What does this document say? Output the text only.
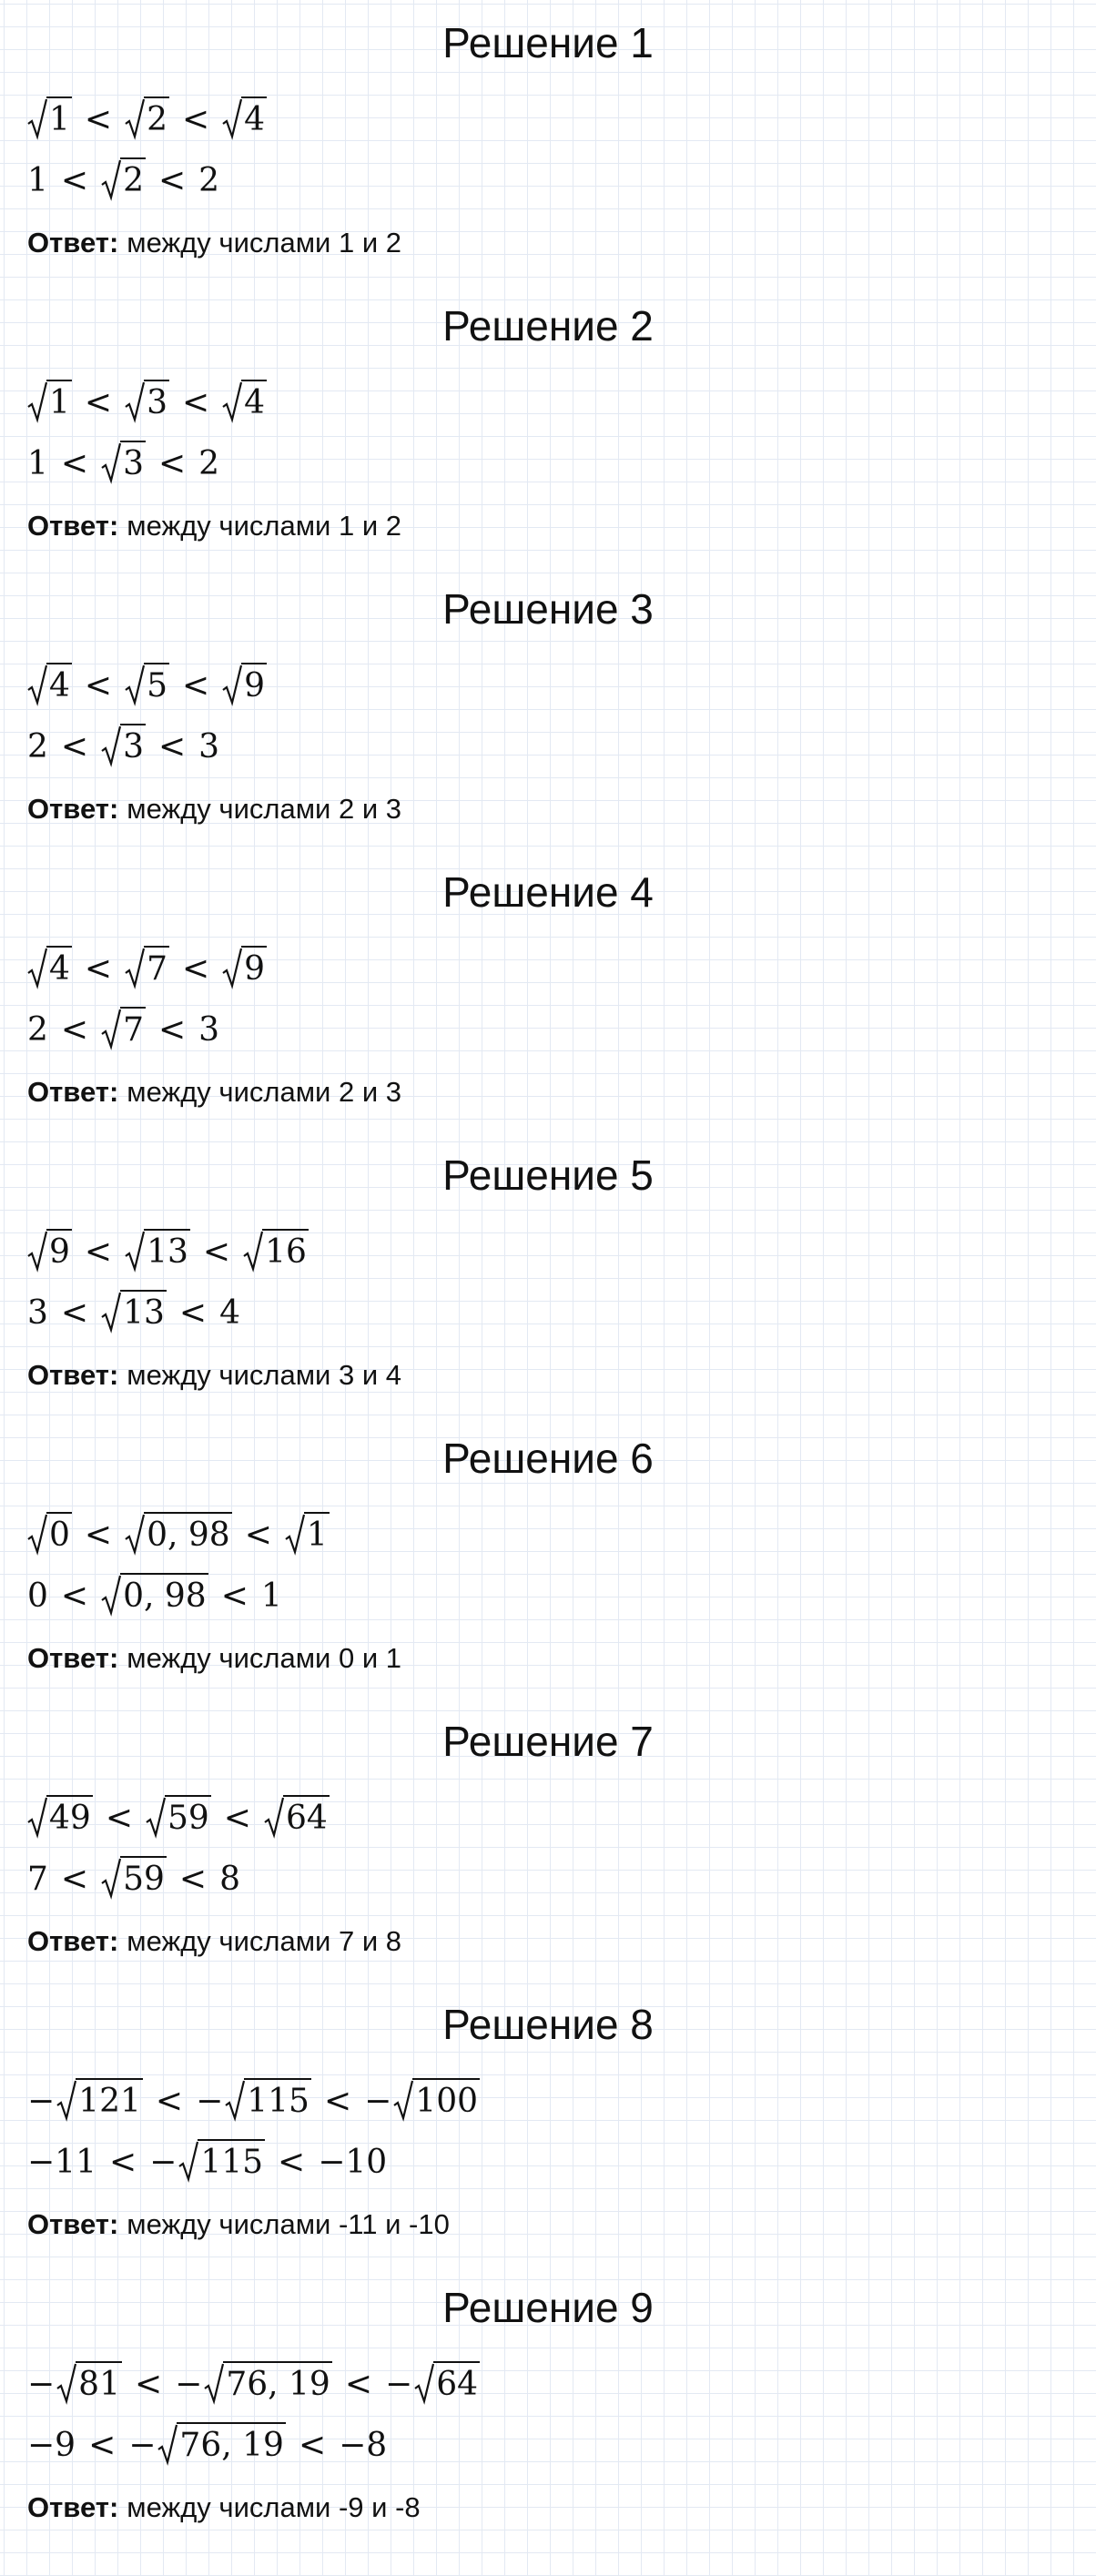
Решение 1
1 < 2 < 4
1 < 2 < 2
Ответ: между числами 1 и 2
Решение 2
1 < 3 < 4
1 < 3 < 2
Ответ: между числами 1 и 2
Решение 3
4 < 5 < 9
2 < 3 < 3
Ответ: между числами 2 и 3
Решение 4
4 < 7 < 9
2 < 7 < 3
Ответ: между числами 2 и 3
Решение 5
9 < 13 < 16
3 < 13 < 4
Ответ: между числами 3 и 4
Решение 6
0 < 0, 98 < 1
0 < 0, 98 < 1
Ответ: между числами 0 и 1
Решение 7
49 < 59 < 64
7 < 59 < 8
Ответ: между числами 7 и 8
Решение 8
− 121 < − 115 < − 100
−11 < − 115 < −10
Ответ: между числами -11 и -10
Решение 9
− 81 < − 76, 19 < − 64
−9 < − 76, 19 < −8
Ответ: между числами -9 и -8
